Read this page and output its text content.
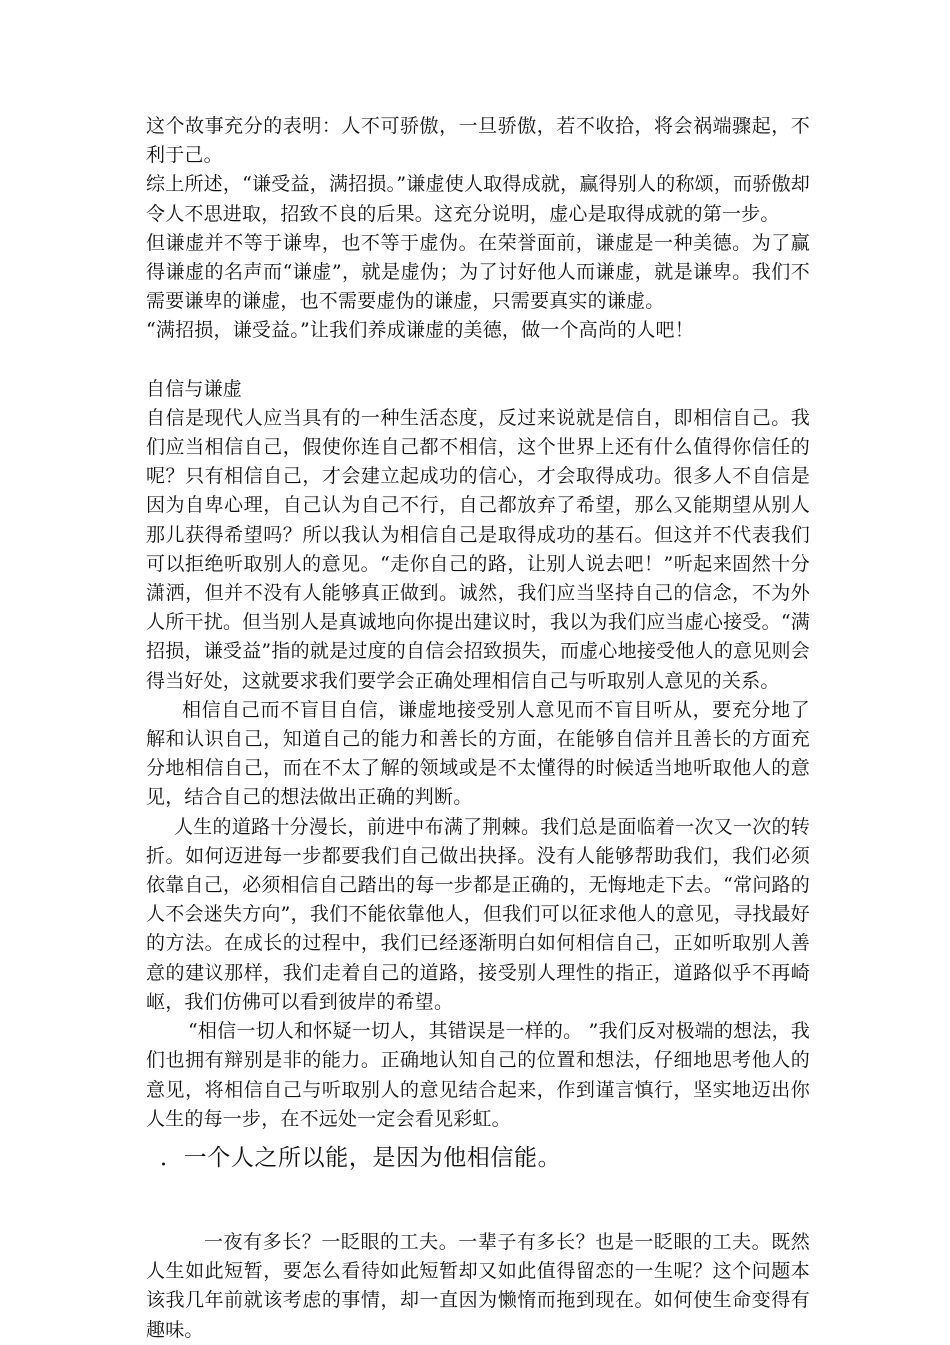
这个故事充分的表明：人不可骄傲，一旦骄傲，若不收拾，将会祸端骤起，不利于己。

综上所述，“谦受益，满招损。”谦虚使人取得成就，赢得别人的称颂，而骄傲却令人不思进取，招致不良的后果。这充分说明，虚心是取得成就的第一步。

但谦虚并不等于谦卑，也不等于虚伪。在荣誉面前，谦虚是一种美德。为了赢得谦虚的名声而“谦虚”，就是虚伪；为了讨好他人而谦虚，就是谦卑。我们不需要谦卑的谦虚，也不需要虚伪的谦虚，只需要真实的谦虚。

“满招损，谦受益。”让我们养成谦虚的美德，做一个高尚的人吧！

自信与谦虚

自信是现代人应当具有的一种生活态度，反过来说就是信自，即相信自己。我们应当相信自己，假使你连自己都不相信，这个世界上还有什么值得你信任的呢？只有相信自己，才会建立起成功的信心，才会取得成功。很多人不自信是因为自卑心理，自己认为自己不行，自己都放弃了希望，那么又能期望从别人那儿获得希望吗？所以我认为相信自己是取得成功的基石。但这并不代表我们可以拒绝听取别人的意见。“走你自己的路，让别人说去吧！”听起来固然十分潇洒，但并不没有人能够真正做到。诚然，我们应当坚持自己的信念，不为外人所干扰。但当别人是真诚地向你提出建议时，我以为我们应当虚心接受。“满招损，谦受益”指的就是过度的自信会招致损失，而虚心地接受他人的意见则会得当好处，这就要求我们要学会正确处理相信自己与听取别人意见的关系。

相信自己而不盲目自信，谦虚地接受别人意见而不盲目听从，要充分地了解和认识自己，知道自己的能力和善长的方面，在能够自信并且善长的方面充分地相信自己，而在不太了解的领域或是不太懂得的时候适当地听取他人的意见，结合自己的想法做出正确的判断。

人生的道路十分漫长，前进中布满了荆棘。我们总是面临着一次又一次的转折。如何迈进每一步都要我们自己做出抉择。没有人能够帮助我们，我们必须依靠自己，必须相信自己踏出的每一步都是正确的，无悔地走下去。“常问路的人不会迷失方向”，我们不能依靠他人，但我们可以征求他人的意见，寻找最好的方法。在成长的过程中，我们已经逐渐明白如何相信自己，正如听取别人善意的建议那样，我们走着自己的道路，接受别人理性的指正，道路似乎不再崎岖，我们仿佛可以看到彼岸的希望。

“相信一切人和怀疑一切人，其错误是一样的。 ”我们反对极端的想法，我们也拥有辩别是非的能力。正确地认知自己的位置和想法，仔细地思考他人的意见，将相信自己与听取别人的意见结合起来，作到谨言慎行，坚实地迈出你人生的每一步，在不远处一定会看见彩虹。

．一个人之所以能，是因为他相信能。

一夜有多长？一眨眼的工夫。一辈子有多长？也是一眨眼的工夫。既然人生如此短暂，要怎么看待如此短暂却又如此值得留恋的一生呢？这个问题本该我几年前就该考虑的事情，却一直因为懒惰而拖到现在。如何使生命变得有趣味。
